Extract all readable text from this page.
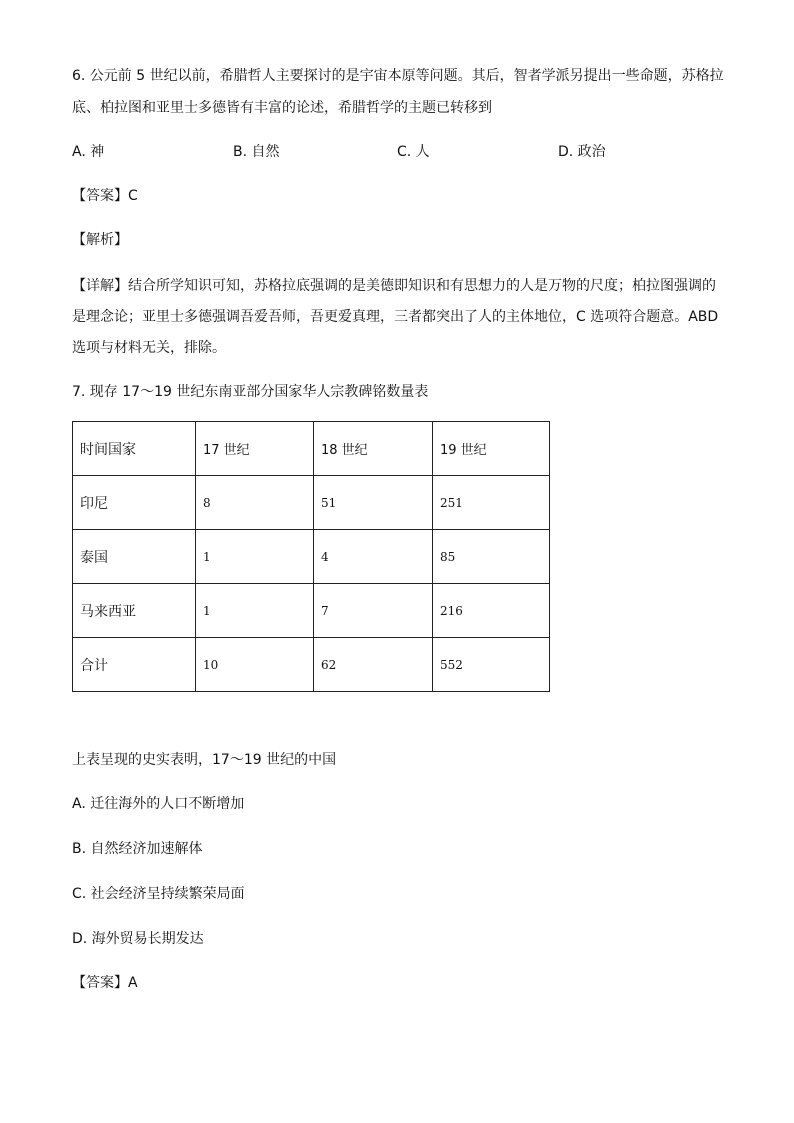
6. 公元前 5 世纪以前，希腊哲人主要探讨的是宇宙本原等问题。其后，智者学派另提出一些命题，苏格拉
底、柏拉图和亚里士多德皆有丰富的论述，希腊哲学的主题已转移到
A. 神	B. 自然	C. 人	D. 政治
【答案】C
【解析】
【详解】结合所学知识可知，苏格拉底强调的是美德即知识和有思想力的人是万物的尺度；柏拉图强调的
是理念论；亚里士多德强调吾爱吾师，吾更爱真理，三者都突出了人的主体地位，C 选项符合题意。ABD
选项与材料无关，排除。
7. 现存 17～19 世纪东南亚部分国家华人宗教碑铭数量表
时间国家	17 世纪	18 世纪	19 世纪
印尼	8	51	251
泰国	1	4	85
马来西亚	1	7	216
合计	10	62	552
上表呈现的史实表明，17～19 世纪的中国
A. 迁往海外的人口不断增加
B. 自然经济加速解体
C. 社会经济呈持续繁荣局面
D. 海外贸易长期发达
【答案】A
